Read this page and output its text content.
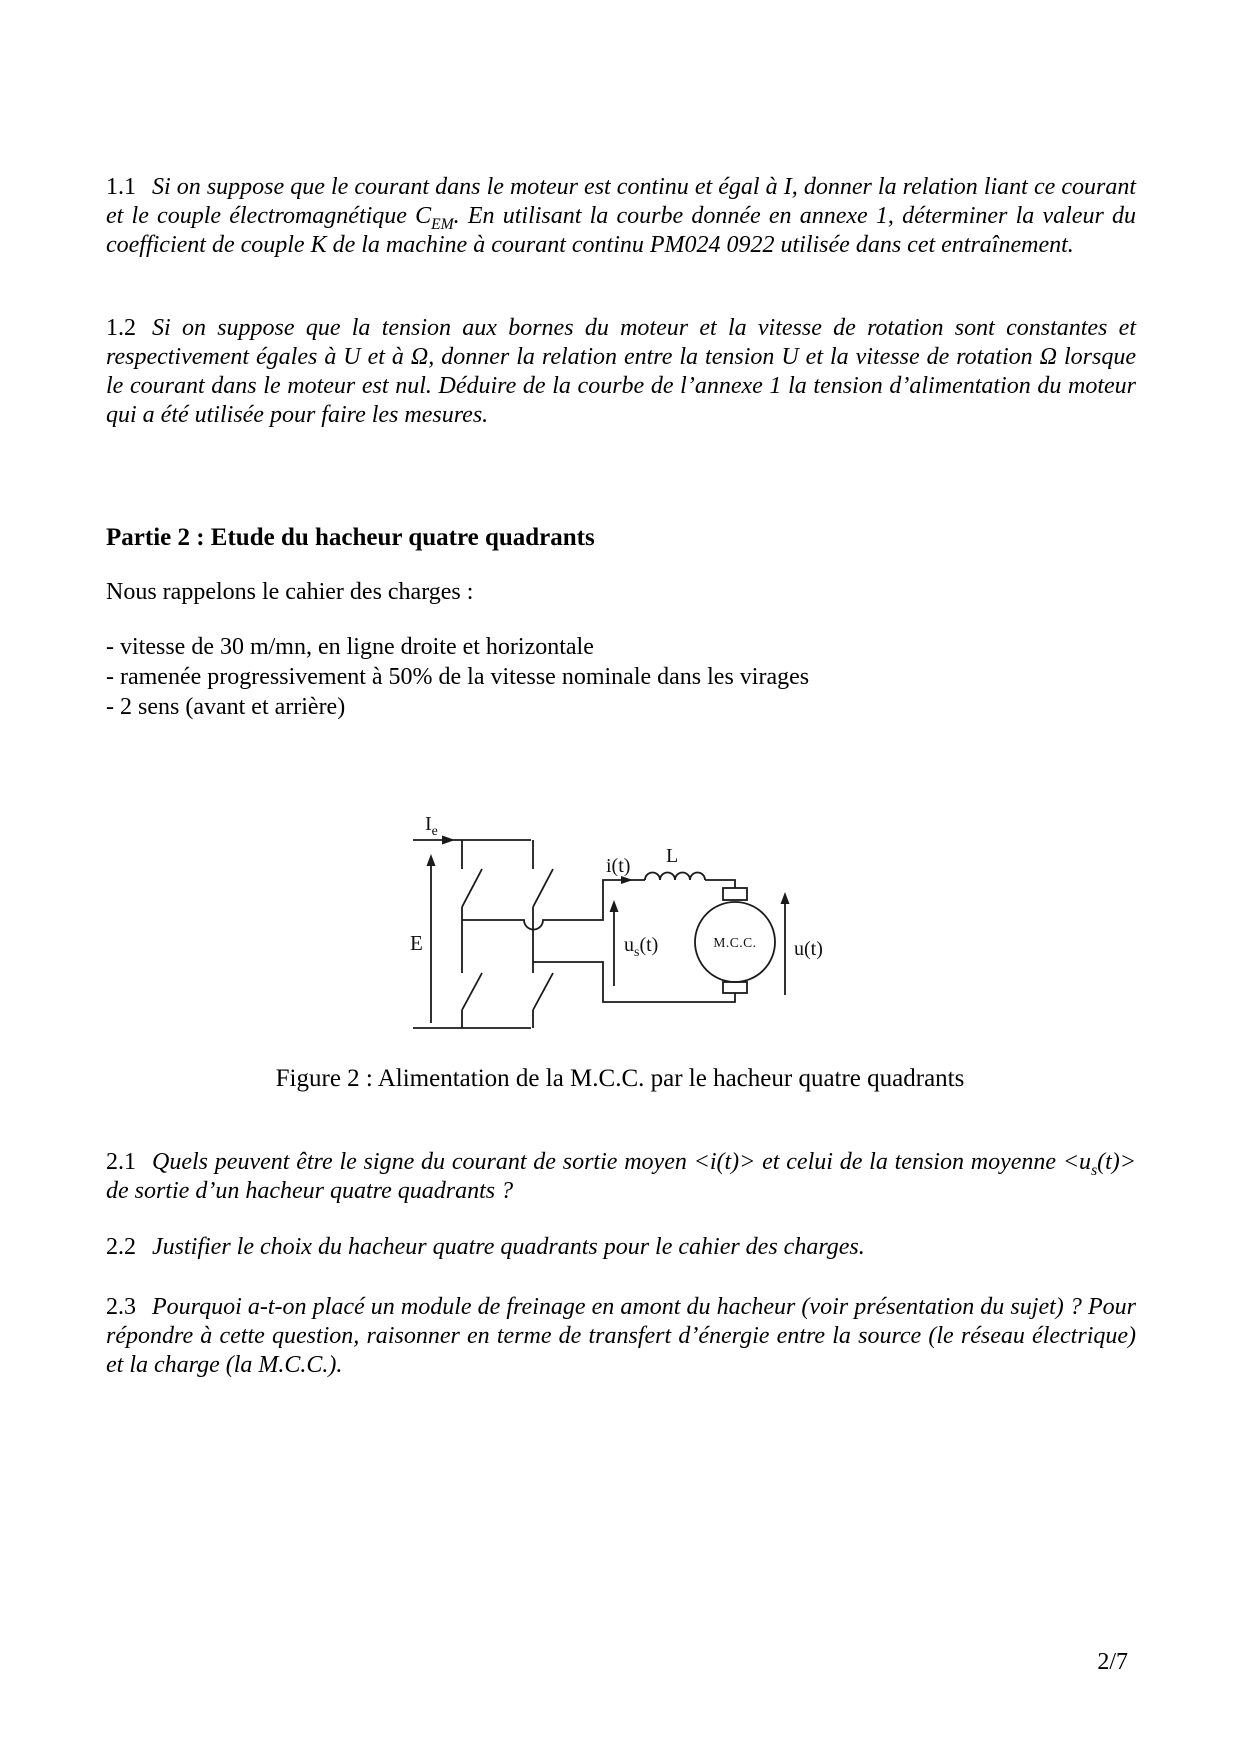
1.1 Si on suppose que le courant dans le moteur est continu et égal à I, donner la relation liant ce courant et le couple électromagnétique $C_{EM}$. En utilisant la courbe donnée en annexe 1, déterminer la valeur du coefficient de couple K de la machine à courant continu PM024 0922 utilisée dans cet entraînement.

1.2 Si on suppose que la tension aux bornes du moteur et la vitesse de rotation sont constantes et respectivement égales à U et à Ω, donner la relation entre la tension U et la vitesse de rotation Ω lorsque le courant dans le moteur est nul. Déduire de la courbe de l’annexe 1 la tension d’alimentation du moteur qui a été utilisée pour faire les mesures.

Partie 2 : Etude du hacheur quatre quadrants

Nous rappelons le cahier des charges :

- vitesse de 30 m/mn, en ligne droite et horizontale
- ramenée progressivement à 50% de la vitesse nominale dans les virages
- 2 sens (avant et arrière)
$I_e$
E
i(t) L
$u_s(t)$	M.C.C. u(t)

Figure 2 : Alimentation de la M.C.C. par le hacheur quatre quadrants

2.1 Quels peuvent être le signe du courant de sortie moyen <i(t)> et celui de la tension moyenne $<u_s(t)>$ de sortie d’un hacheur quatre quadrants ?

2.2 Justifier le choix du hacheur quatre quadrants pour le cahier des charges.

2.3 Pourquoi a-t-on placé un module de freinage en amont du hacheur (voir présentation du sujet) ? Pour répondre à cette question, raisonner en terme de transfert d’énergie entre la source (le réseau électrique) et la charge (la M.C.C.).

2/7
